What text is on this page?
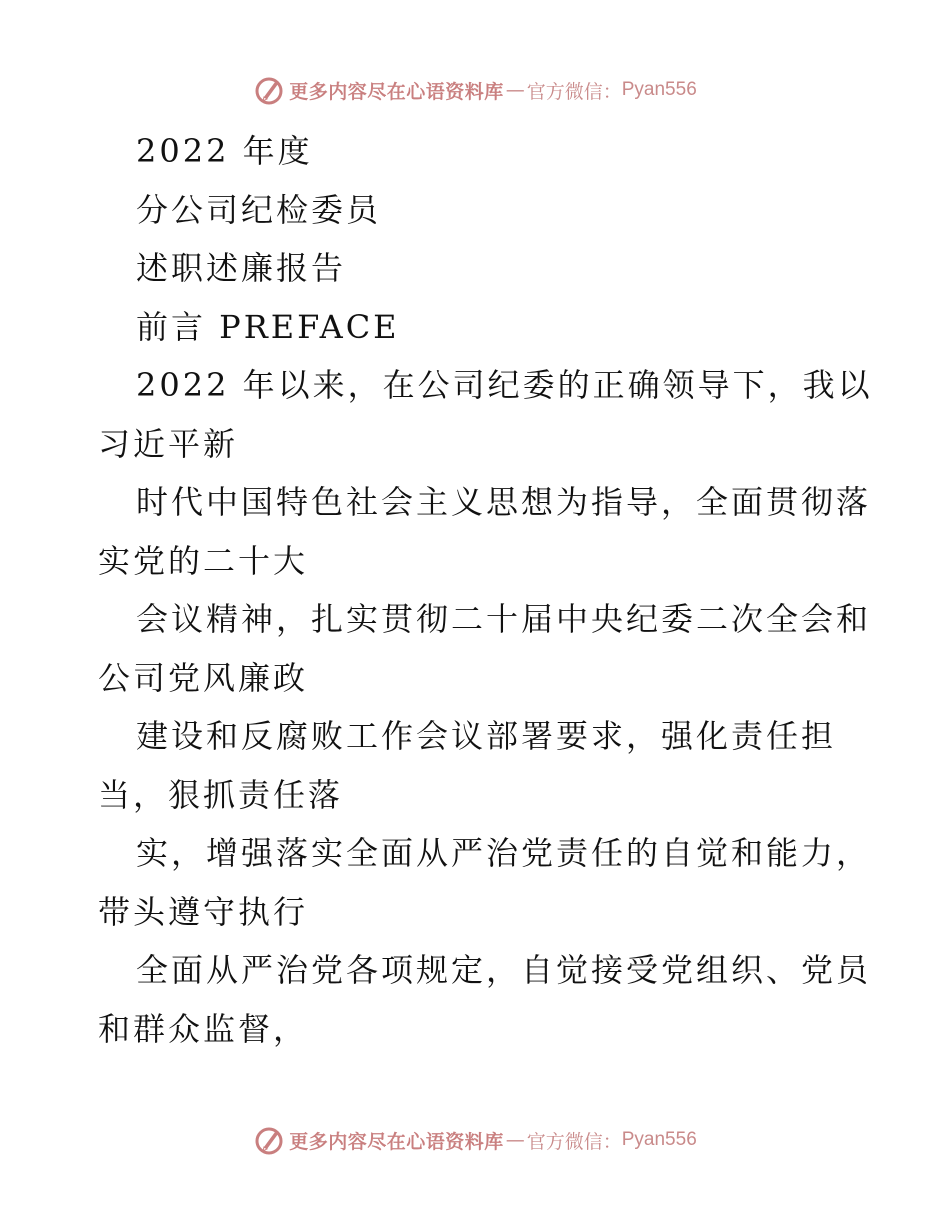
更多内容尽在心语资料库 — 官方微信： Pyan556

2022 年度

分公司纪检委员

述职述廉报告

前言 PREFACE

2022 年以来，在公司纪委的正确领导下，我以

习近平新

时代中国特色社会主义思想为指导，全面贯彻落

实党的二十大

会议精神，扎实贯彻二十届中央纪委二次全会和

公司党风廉政

建设和反腐败工作会议部署要求，强化责任担

当，狠抓责任落

实，增强落实全面从严治党责任的自觉和能力，

带头遵守执行

全面从严治党各项规定，自觉接受党组织、党员

和群众监督，

更多内容尽在心语资料库 — 官方微信： Pyan556
